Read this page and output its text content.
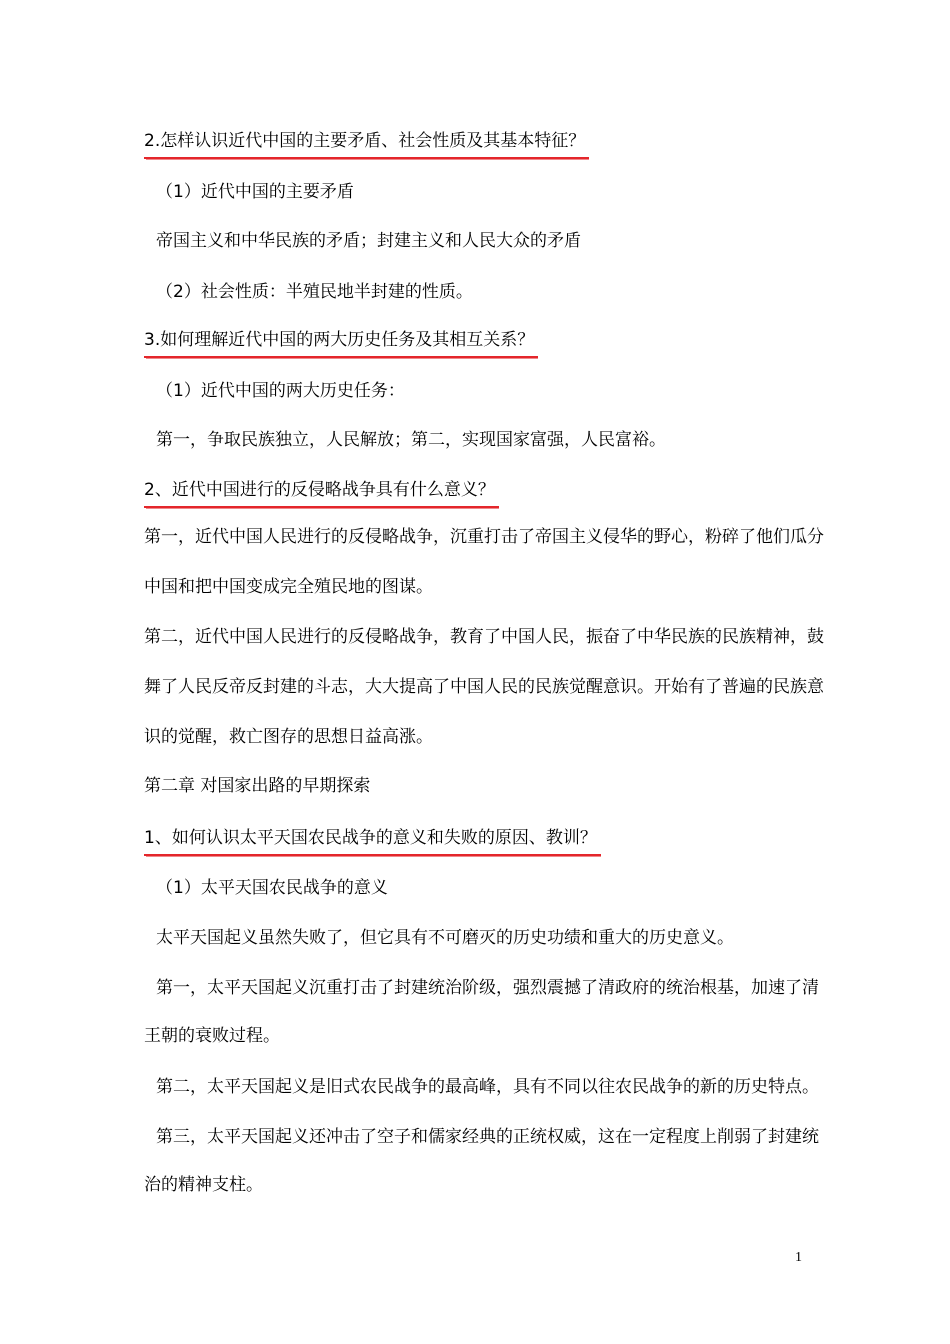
2.怎样认识近代中国的主要矛盾、社会性质及其基本特征？
（1）近代中国的主要矛盾
帝国主义和中华民族的矛盾；封建主义和人民大众的矛盾
（2）社会性质：半殖民地半封建的性质。
3.如何理解近代中国的两大历史任务及其相互关系？
（1）近代中国的两大历史任务：
第一，争取民族独立，人民解放；第二，实现国家富强，人民富裕。
2、近代中国进行的反侵略战争具有什么意义？
第一，近代中国人民进行的反侵略战争，沉重打击了帝国主义侵华的野心，粉碎了他们瓜分
中国和把中国变成完全殖民地的图谋。
第二，近代中国人民进行的反侵略战争，教育了中国人民，振奋了中华民族的民族精神，鼓
舞了人民反帝反封建的斗志，大大提高了中国人民的民族觉醒意识。开始有了普遍的民族意
识的觉醒，救亡图存的思想日益高涨。
第二章 对国家出路的早期探索
1、如何认识太平天国农民战争的意义和失败的原因、教训？
（1）太平天国农民战争的意义
太平天国起义虽然失败了，但它具有不可磨灭的历史功绩和重大的历史意义。
第一，太平天国起义沉重打击了封建统治阶级，强烈震撼了清政府的统治根基，加速了清
王朝的衰败过程。
第二，太平天国起义是旧式农民战争的最高峰，具有不同以往农民战争的新的历史特点。
第三，太平天国起义还冲击了空子和儒家经典的正统权威，这在一定程度上削弱了封建统
治的精神支柱。
1
